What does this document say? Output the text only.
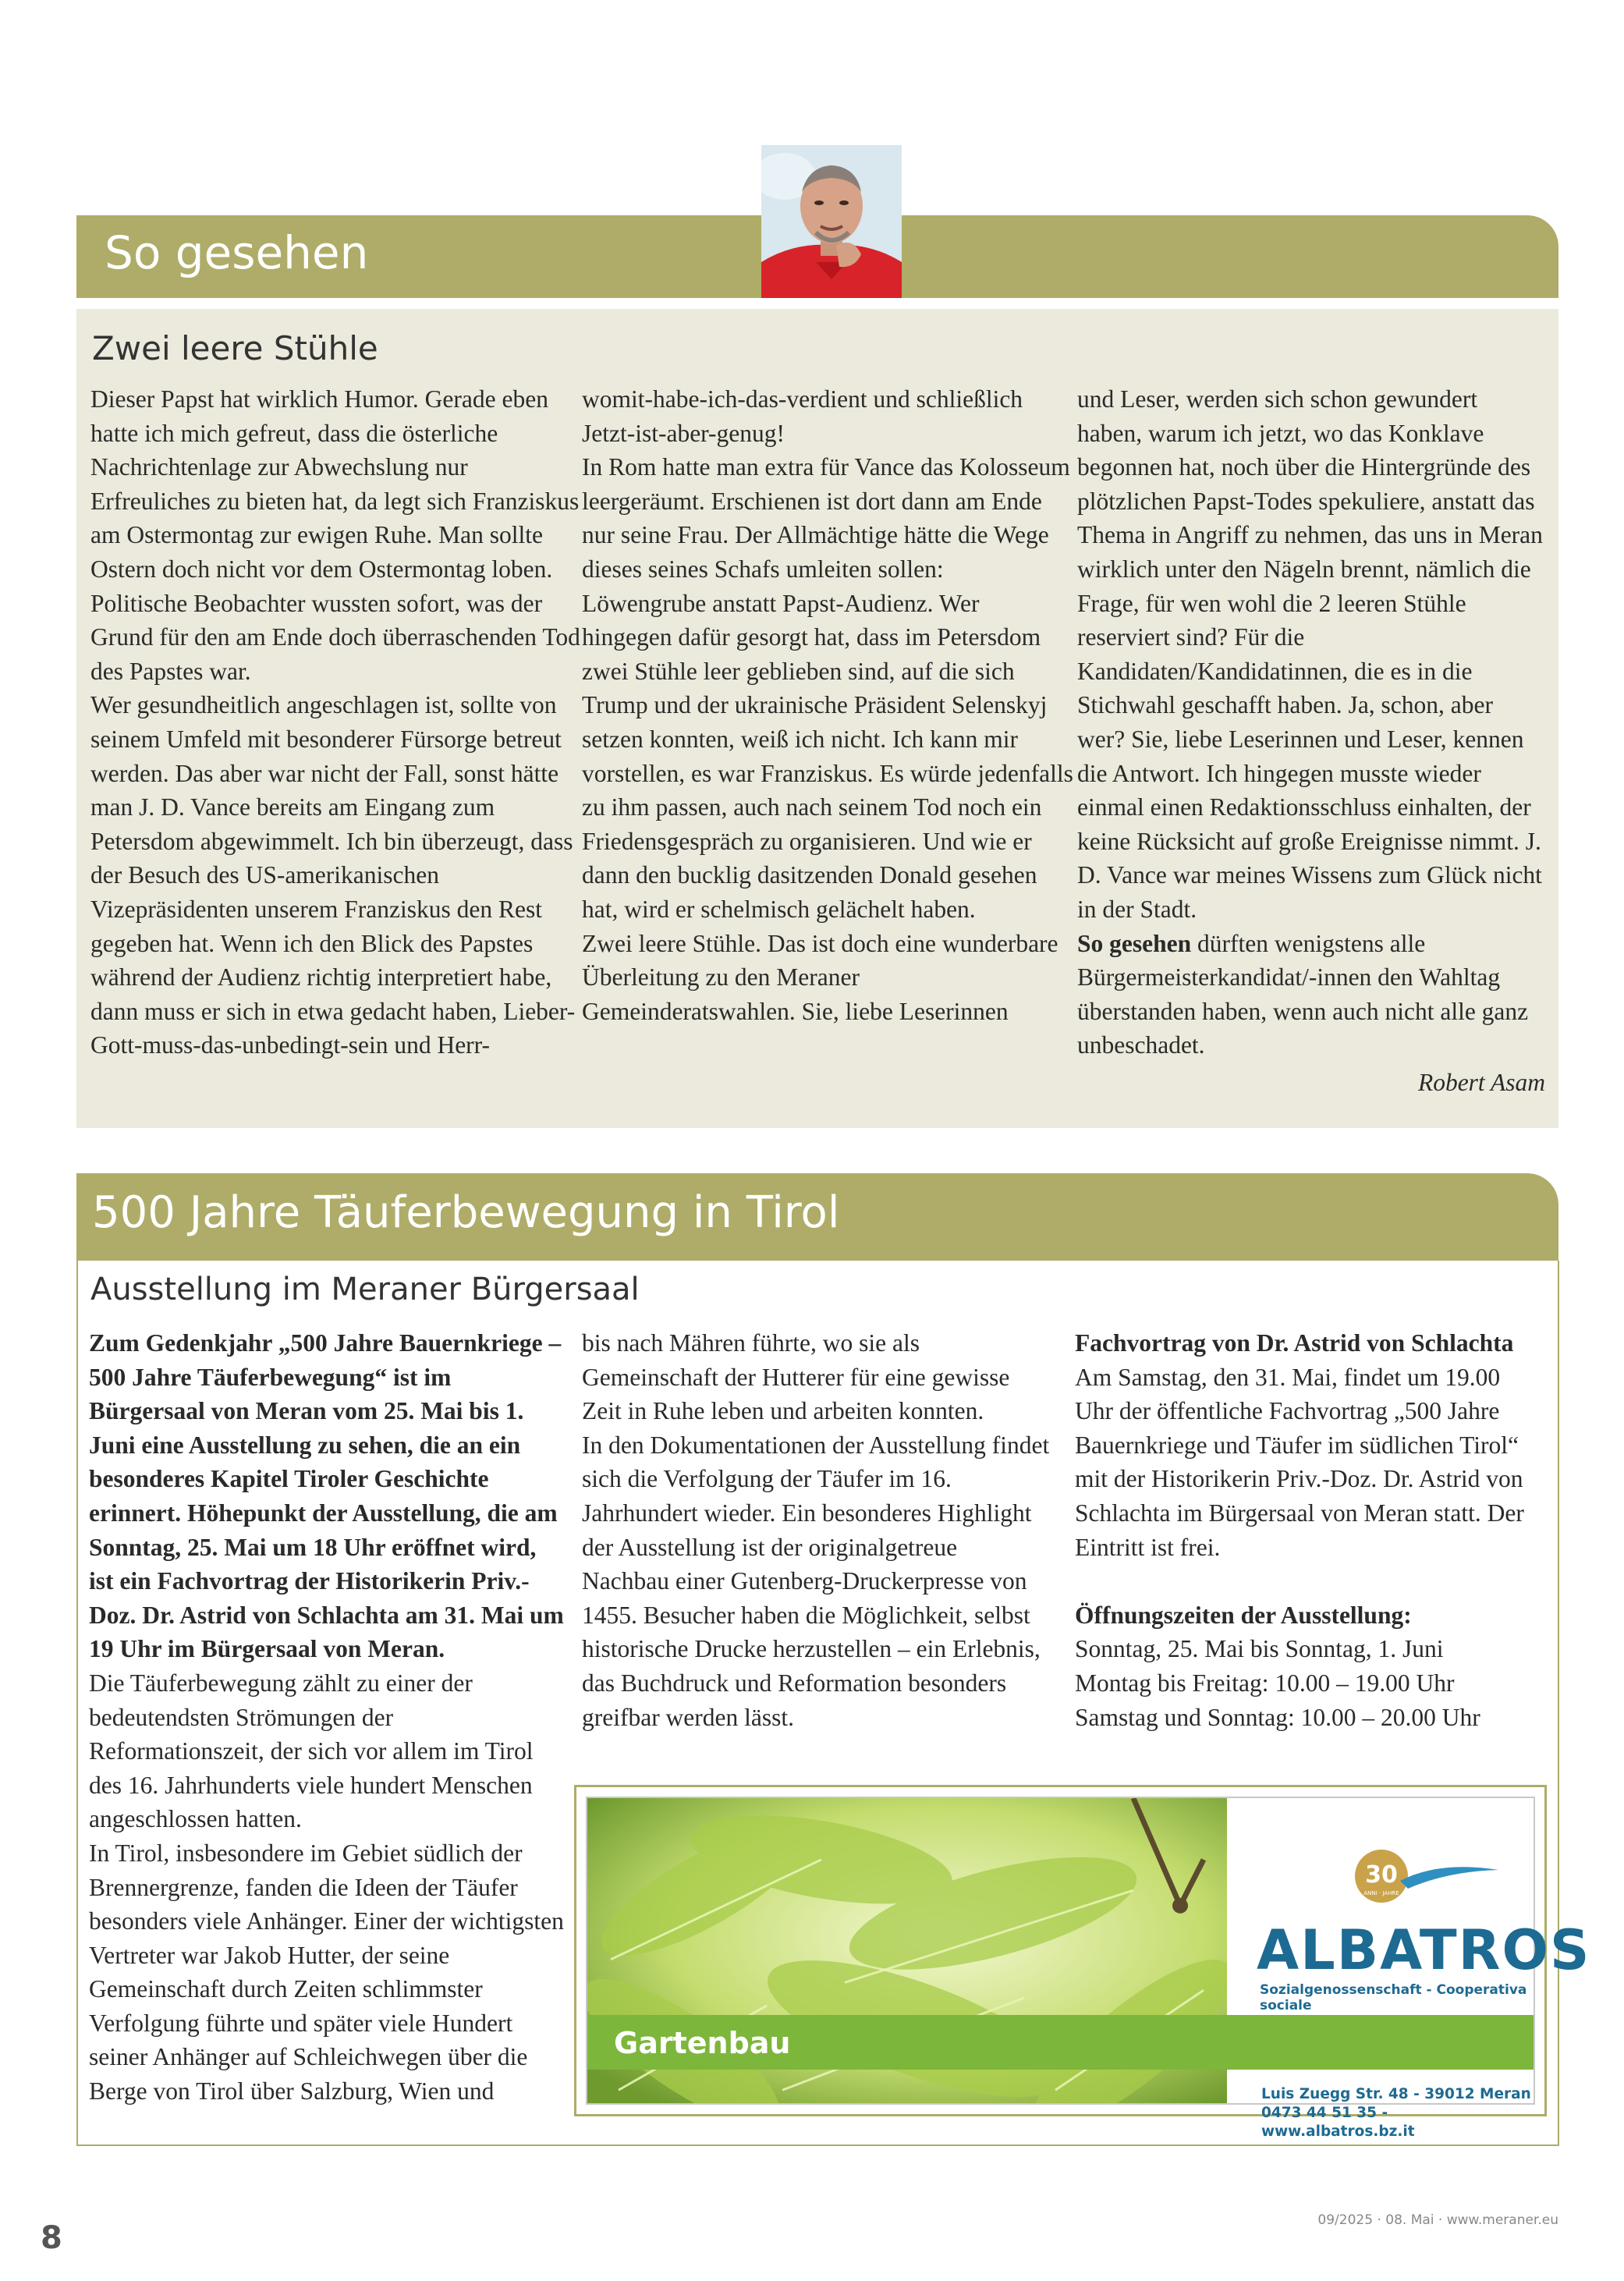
So gesehen
Zwei leere Stühle

Dieser Papst hat wirklich Humor. Gerade eben hatte ich mich gefreut, dass die österliche Nachrichtenlage zur Abwechslung nur Erfreuliches zu bieten hat, da legt sich Franziskus am Ostermontag zur ewigen Ruhe. Man sollte Ostern doch nicht vor dem Ostermontag loben. Politische Beobachter wussten sofort, was der Grund für den am Ende doch überraschenden Tod des Papstes war.

Wer gesundheitlich angeschlagen ist, sollte von seinem Umfeld mit besonderer Fürsorge betreut werden. Das aber war nicht der Fall, sonst hätte man J. D. Vance bereits am Eingang zum Petersdom abgewimmelt. Ich bin überzeugt, dass der Besuch des US-amerikanischen Vizepräsidenten unserem Franziskus den Rest gegeben hat. Wenn ich den Blick des Papstes während der Audienz richtig interpretiert habe, dann muss er sich in etwa gedacht haben, Lieber-Gott-muss-das-unbedingt-sein und Herr-

womit-habe-ich-das-verdient und schließlich Jetzt-ist-aber-genug!

In Rom hatte man extra für Vance das Kolosseum leergeräumt. Erschienen ist dort dann am Ende nur seine Frau. Der Allmächtige hätte die Wege dieses seines Schafs umleiten sollen: Löwengrube anstatt Papst-Audienz. Wer hingegen dafür gesorgt hat, dass im Petersdom zwei Stühle leer geblieben sind, auf die sich Trump und der ukrainische Präsident Selenskyj setzen konnten, weiß ich nicht. Ich kann mir vorstellen, es war Franziskus. Es würde jedenfalls zu ihm passen, auch nach seinem Tod noch ein Friedensgespräch zu organisieren. Und wie er dann den bucklig dasitzenden Donald gesehen hat, wird er schelmisch gelächelt haben.

Zwei leere Stühle. Das ist doch eine wunderbare Überleitung zu den Meraner Gemeinderatswahlen. Sie, liebe Leserinnen

und Leser, werden sich schon gewundert haben, warum ich jetzt, wo das Konklave begonnen hat, noch über die Hintergründe des plötzlichen Papst-Todes spekuliere, anstatt das Thema in Angriff zu nehmen, das uns in Meran wirklich unter den Nägeln brennt, nämlich die Frage, für wen wohl die 2 leeren Stühle reserviert sind? Für die Kandidaten/Kandidatinnen, die es in die Stichwahl geschafft haben. Ja, schon, aber wer? Sie, liebe Leserinnen und Leser, kennen die Antwort. Ich hingegen musste wieder einmal einen Redaktionsschluss einhalten, der keine Rücksicht auf große Ereignisse nimmt. J. D. Vance war meines Wissens zum Glück nicht in der Stadt.

So gesehen dürften wenigstens alle Bürgermeisterkandidat/-innen den Wahltag überstanden haben, wenn auch nicht alle ganz unbeschadet.

Robert Asam

500 Jahre Täuferbewegung in Tirol
Ausstellung im Meraner Bürgersaal

Zum Gedenkjahr „500 Jahre Bauernkriege – 500 Jahre Täuferbewegung“ ist im Bürgersaal von Meran vom 25. Mai bis 1. Juni eine Ausstellung zu sehen, die an ein besonderes Kapitel Tiroler Geschichte erinnert. Höhepunkt der Ausstellung, die am Sonntag, 25. Mai um 18 Uhr eröffnet wird, ist ein Fachvortrag der Historikerin Priv.-Doz. Dr. Astrid von Schlachta am 31. Mai um 19 Uhr im Bürgersaal von Meran.

Die Täuferbewegung zählt zu einer der bedeutendsten Strömungen der Reformationszeit, der sich vor allem im Tirol des 16. Jahrhunderts viele hundert Menschen angeschlossen hatten.

In Tirol, insbesondere im Gebiet südlich der Brennergrenze, fanden die Ideen der Täufer besonders viele Anhänger. Einer der wichtigsten Vertreter war Jakob Hutter, der seine Gemeinschaft durch Zeiten schlimmster Verfolgung führte und später viele Hundert seiner Anhänger auf Schleichwegen über die Berge von Tirol über Salzburg, Wien und

bis nach Mähren führte, wo sie als Gemeinschaft der Hutterer für eine gewisse Zeit in Ruhe leben und arbeiten konnten.

In den Dokumentationen der Ausstellung findet sich die Verfolgung der Täufer im 16. Jahrhundert wieder. Ein besonderes Highlight der Ausstellung ist der originalgetreue Nachbau einer Gutenberg-Druckerpresse von 1455. Besucher haben die Möglichkeit, selbst historische Drucke herzustellen – ein Erlebnis, das Buchdruck und Reformation besonders greifbar werden lässt.

Fachvortrag von Dr. Astrid von Schlachta

Am Samstag, den 31. Mai, findet um 19.00 Uhr der öffentliche Fachvortrag „500 Jahre Bauernkriege und Täufer im südlichen Tirol“ mit der Historikerin Priv.-Doz. Dr. Astrid von Schlachta im Bürgersaal von Meran statt. Der Eintritt ist frei.

Öffnungszeiten der Ausstellung:

Sonntag, 25. Mai bis Sonntag, 1. Juni

Montag bis Freitag: 10.00 – 19.00 Uhr

Samstag und Sonntag: 10.00 – 20.00 Uhr

Gartenbau
30
ANNI · JAHRE
ALBATROS
Sozialgenossenschaft - Cooperativa sociale
Luis Zuegg Str. 48 - 39012 Meran
0473 44 51 35 - www.albatros.bz.it
8	09/2025 · 08. Mai · www.meraner.eu
